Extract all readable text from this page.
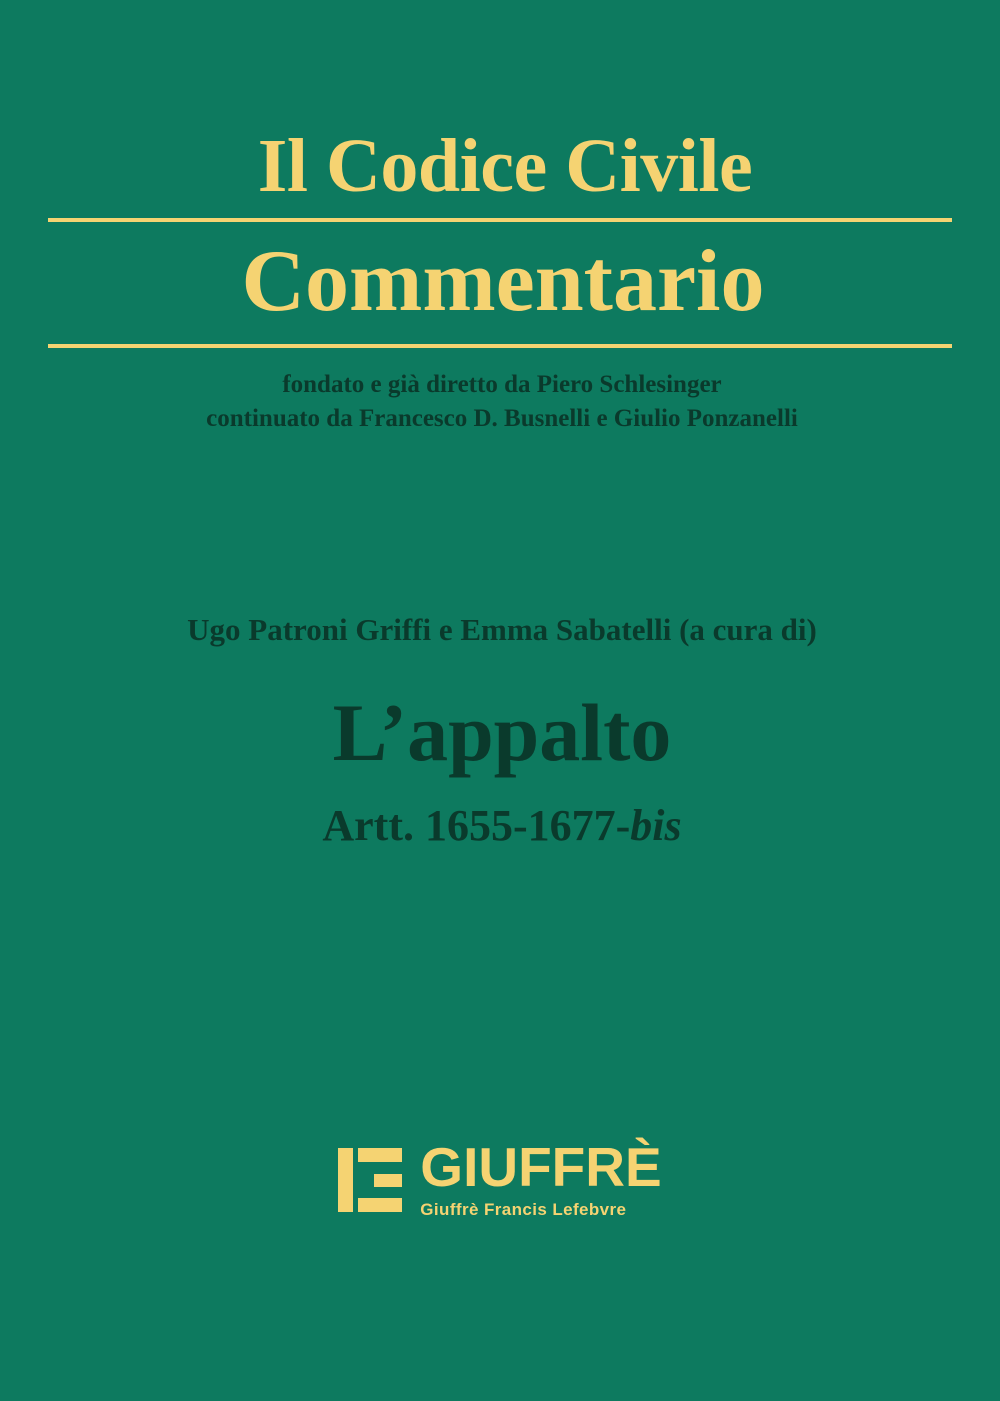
Il Codice Civile
Commentario
fondato e già diretto da Piero Schlesinger
continuato da Francesco D. Busnelli e Giulio Ponzanelli
Ugo Patroni Griffi e Emma Sabatelli (a cura di)
L’appalto
Artt. 1655-1677-bis
GIUFFRÈ
Giuffrè Francis Lefebvre
